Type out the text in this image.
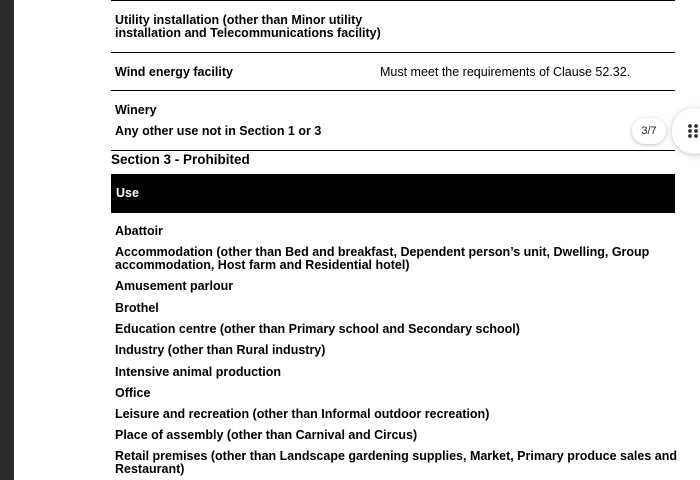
Utility installation (other than Minor utility
installation and Telecommunications facility)
Wind energy facility	Must meet the requirements of Clause 52.32.
Winery
Any other use not in Section 1 or 3
Section 3 - Prohibited
Use
Abattoir
Accommodation (other than Bed and breakfast, Dependent person’s unit, Dwelling, Group
accommodation, Host farm and Residential hotel)
Amusement parlour
Brothel
Education centre (other than Primary school and Secondary school)
Industry (other than Rural industry)
Intensive animal production
Office
Leisure and recreation (other than Informal outdoor recreation)
Place of assembly (other than Carnival and Circus)
Retail premises (other than Landscape gardening supplies, Market, Primary produce sales and
Restaurant)
3/7
